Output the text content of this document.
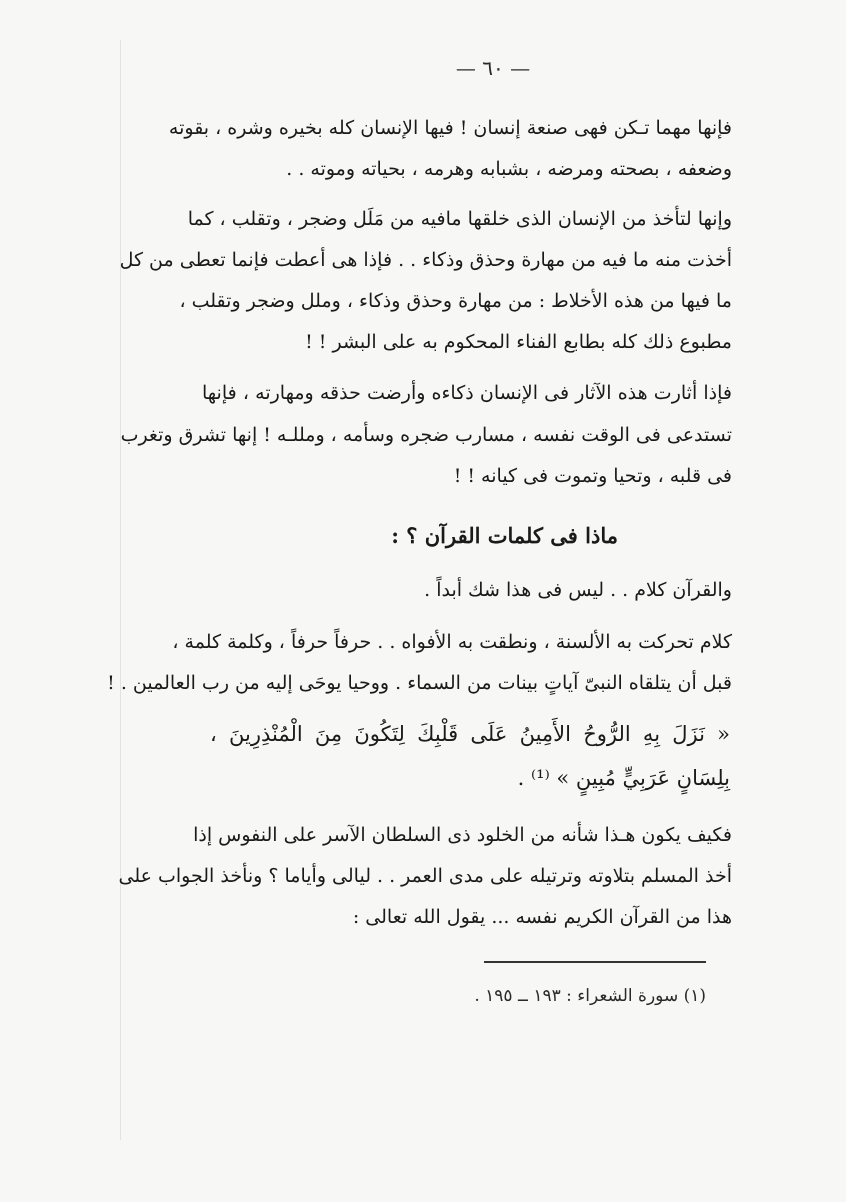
— ٦٠ —
فإنها مهما تـكن فهى صنعة إنسان ! فيها الإنسان كله بخيره وشره ، بقوته
وضعفه ، بصحته ومرضه ، بشبابه وهرمه ، بحياته وموته . .
وإنها لتأخذ من الإنسان الذى خلقها مافيه من مَلَل وضجر ، وتقلب ، كما
أخذت منه ما فيه من مهارة وحذق وذكاء . . فإذا هى أعطت فإنما تعطى من كل
ما فيها من هذه الأخلاط : من مهارة وحذق وذكاء ، وملل وضجر وتقلب ،
مطبوع ذلك كله بطابع الفناء المحكوم به على البشر ! !
فإذا أثارت هذه الآثار فى الإنسان ذكاءه وأرضت حذقه ومهارته ، فإنها
تستدعى فى الوقت نفسه ، مسارب ضجره وسأمه ، ومللـه ! إنها تشرق وتغرب
فى قلبه ، وتحيا وتموت فى كيانه ! !
ماذا فى كلمات القرآن ؟ :
والقرآن كلام . . ليس فى هذا شك أبداً .
كلام تحركت به الألسنة ، ونطقت به الأفواه . . حرفاً حرفاً ، وكلمة كلمة ،
قبل أن يتلقاه النبىّ آياتٍ بينات من السماء . ووحيا يوحَى إليه من رب العالمين . !
« نَزَلَ بِهِ الرُّوحُ الأَمِينُ عَلَى قَلْبِكَ لِتَكُونَ مِنَ الْمُنْذِرِينَ ،
بِلِسَانٍ عَرَبِيٍّ مُبِينٍ » ⁽¹⁾ .
فكيف يكون هـذا شأنه من الخلود ذى السلطان الآسر على النفوس إذا
أخذ المسلم بتلاوته وترتيله على مدى العمر . . ليالى وأياما ؟ ونأخذ الجواب على
هذا من القرآن الكريم نفسه ... يقول الله تعالى :
(١) سورة الشعراء : ١٩٣ ــ ١٩٥ .
